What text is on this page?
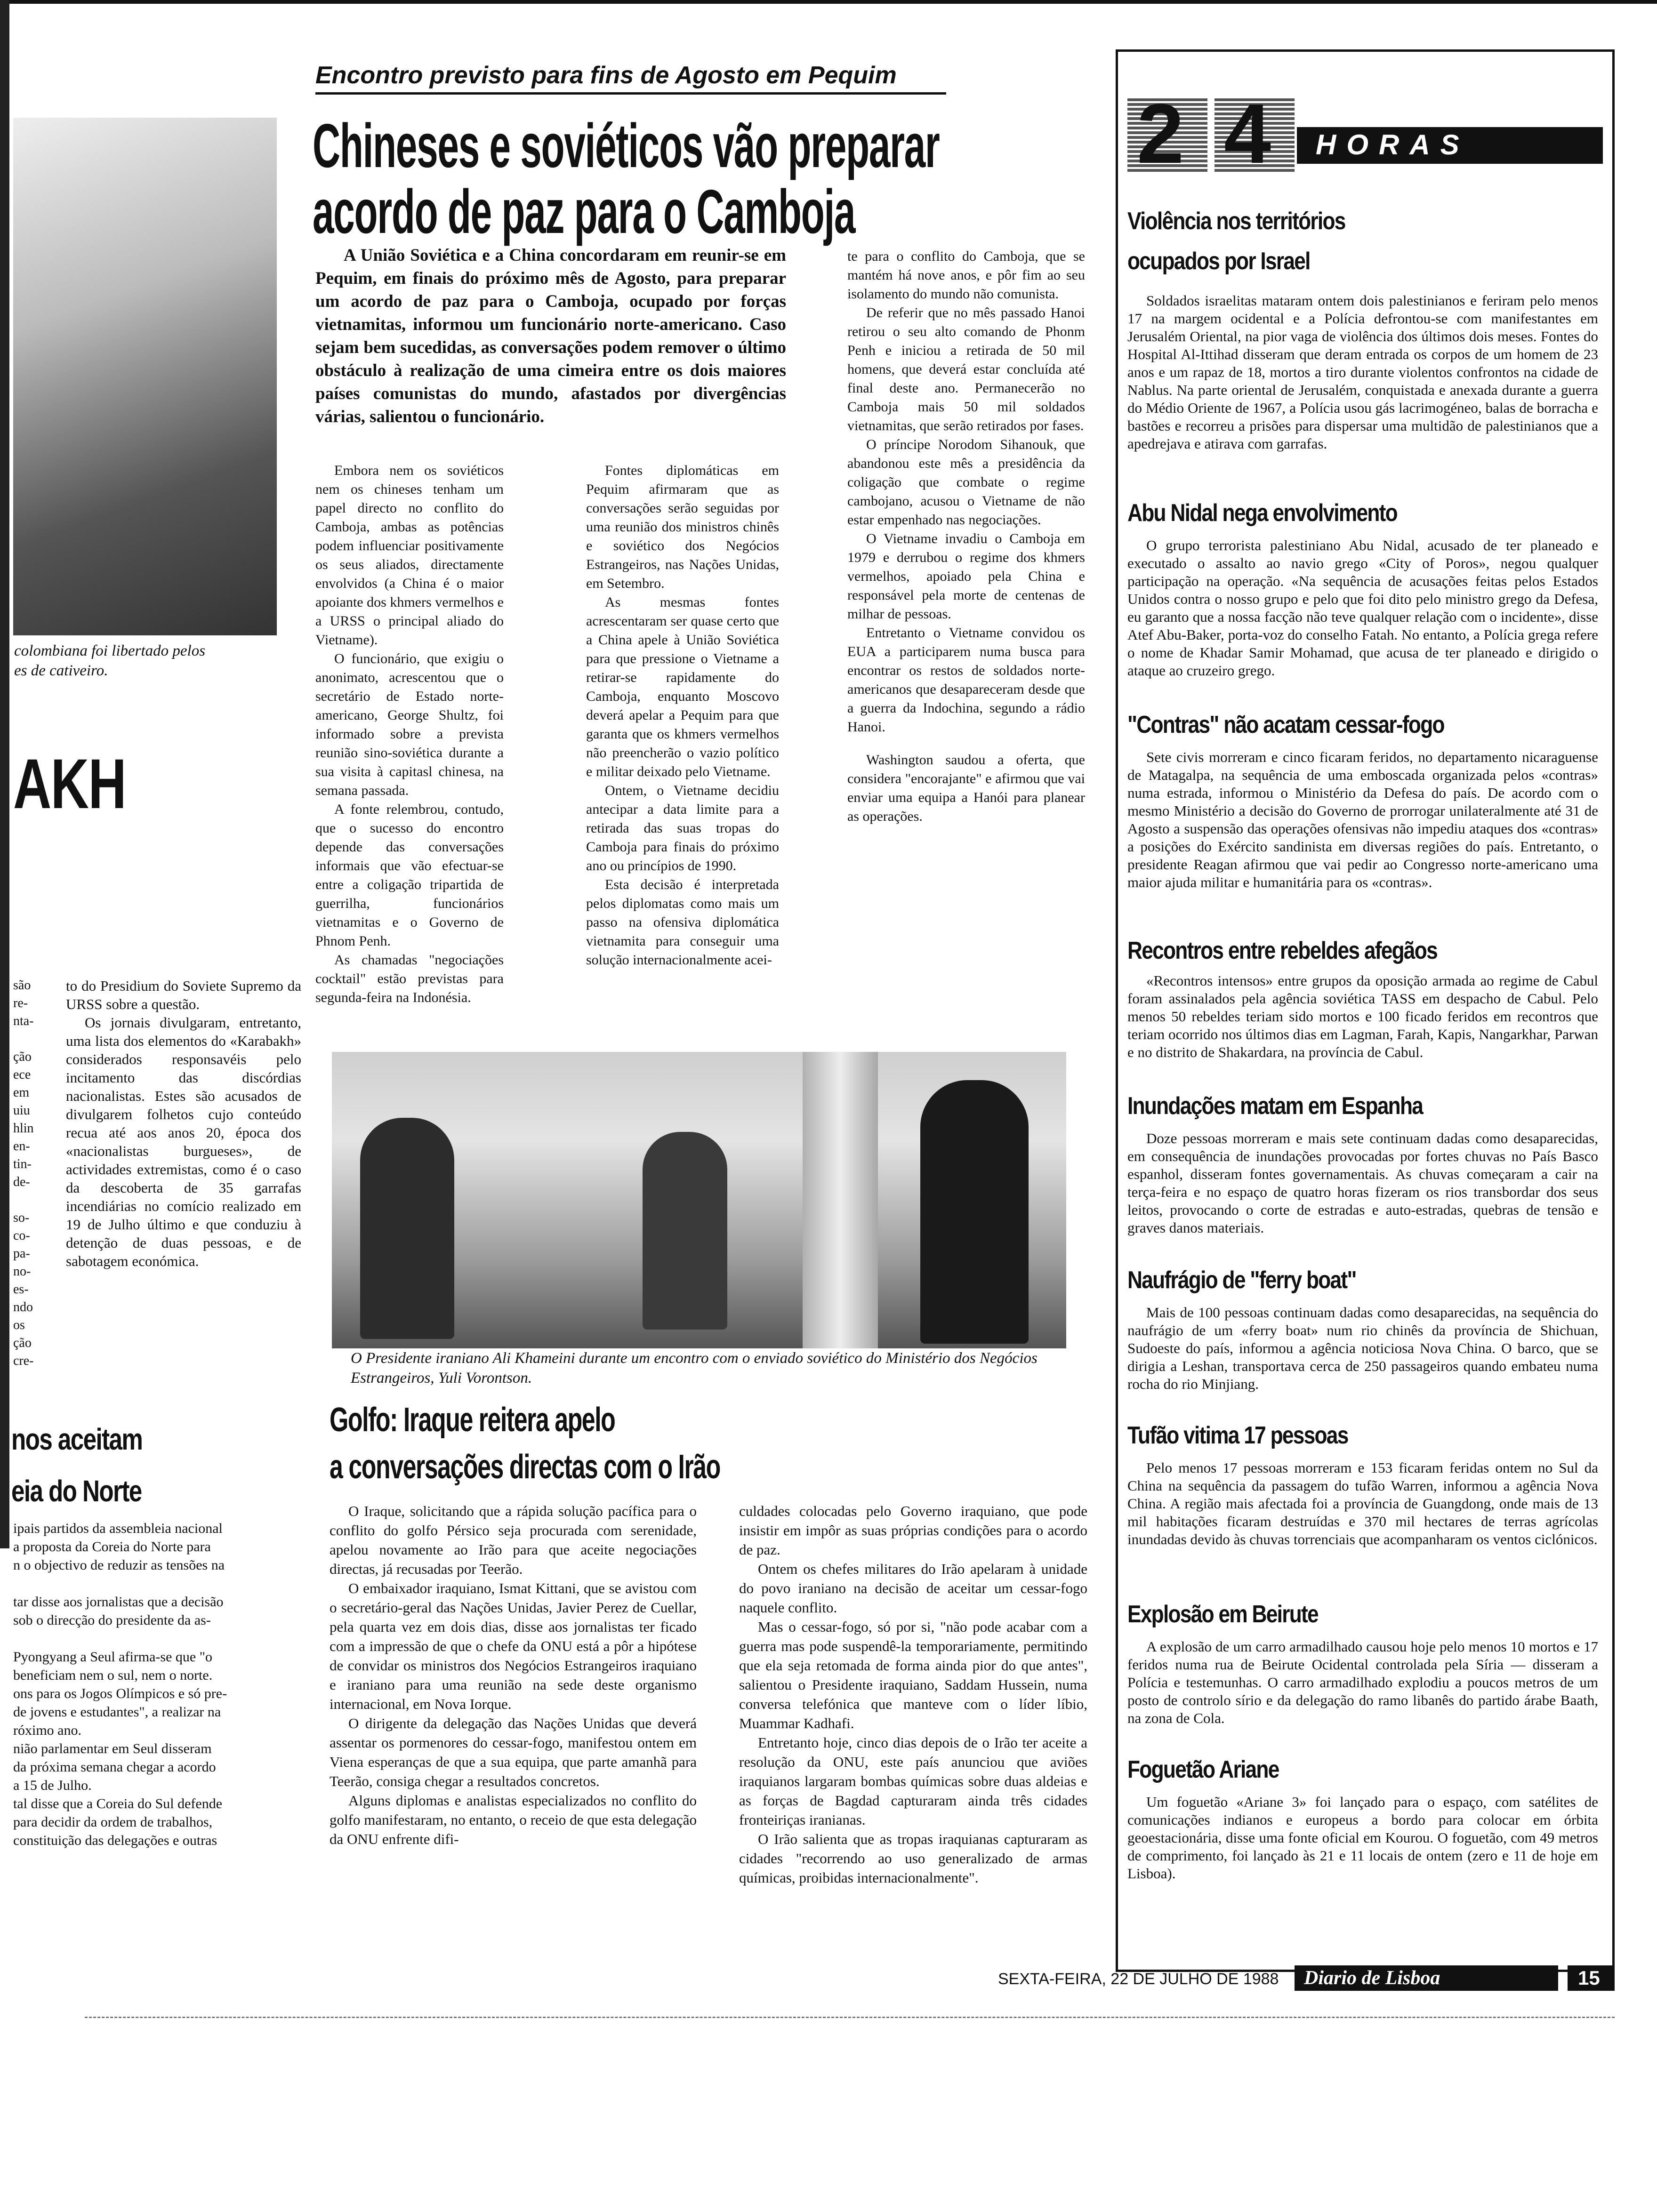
colombiana foi libertado pelos
es de cativeiro.
AKH
são
re-
nta-
ção
ece
em
uiu
hlin
en-
tin-
de-
so-
co-
pa-
no-
es-
ndo
os
ção
cre-

to do Presidium do Soviete Supremo da URSS sobre a questão.

Os jornais divulgaram, entretanto, uma lista dos elementos do «Karabakh» considerados responsavéis pelo incitamento das discórdias nacionalistas. Estes são acusados de divulgarem folhetos cujo conteúdo recua até aos anos 20, época dos «nacionalistas burgueses», de actividades extremistas, como é o caso da descoberta de 35 garrafas incendiárias no comício realizado em 19 de Julho último e que conduziu à detenção de duas pessoas, e de sabotagem económica.

nos aceitam
eia do Norte
ipais partidos da assembleia nacional
a proposta da Coreia do Norte para
n o objectivo de reduzir as tensões na
tar disse aos jornalistas que a decisão
sob o direcção do presidente da as-
Pyongyang a Seul afirma-se que "o
beneficiam nem o sul, nem o norte.
ons para os Jogos Olímpicos e só pre-
de jovens e estudantes", a realizar na
róximo ano.
nião parlamentar em Seul disseram
da próxima semana chegar a acordo
a 15 de Julho.
tal disse que a Coreia do Sul defende
para decidir da ordem de trabalhos,
constituição das delegações e outras
Encontro previsto para fins de Agosto em Pequim
Chineses e soviéticos vão preparar
acordo de paz para o Camboja

A União Soviética e a China concordaram em reunir-se em Pequim, em finais do próximo mês de Agosto, para preparar um acordo de paz para o Camboja, ocupado por forças vietnamitas, informou um funcionário norte-americano. Caso sejam bem sucedidas, as conversações podem remover o último obstáculo à realização de uma cimeira entre os dois maiores países comunistas do mundo, afastados por divergências várias, salientou o funcionário.

Embora nem os soviéticos nem os chineses tenham um papel directo no conflito do Camboja, ambas as potências podem influenciar positivamente os seus aliados, directamente envolvidos (a China é o maior apoiante dos khmers vermelhos e a URSS o principal aliado do Vietname).

O funcionário, que exigiu o anonimato, acrescentou que o secretário de Estado norte-americano, George Shultz, foi informado sobre a prevista reunião sino-soviética durante a sua visita à capitasl chinesa, na semana passada.

A fonte relembrou, contudo, que o sucesso do encontro depende das conversações informais que vão efectuar-se entre a coligação tripartida de guerrilha, funcionários vietnamitas e o Governo de Phnom Penh.

As chamadas "negociações cocktail" estão previstas para segunda-feira na Indonésia.

Fontes diplomáticas em Pequim afirmaram que as conversações serão seguidas por uma reunião dos ministros chinês e soviético dos Negócios Estrangeiros, nas Nações Unidas, em Setembro.

As mesmas fontes acrescentaram ser quase certo que a China apele à União Soviética para que pressione o Vietname a retirar-se rapidamente do Camboja, enquanto Moscovo deverá apelar a Pequim para que garanta que os khmers vermelhos não preencherão o vazio político e militar deixado pelo Vietname.

Ontem, o Vietname decidiu antecipar a data limite para a retirada das suas tropas do Camboja para finais do próximo ano ou princípios de 1990.

Esta decisão é interpretada pelos diplomatas como mais um passo na ofensiva diplomática vietnamita para conseguir uma solução internacionalmente acei-

te para o conflito do Camboja, que se mantém há nove anos, e pôr fim ao seu isolamento do mundo não comunista.

De referir que no mês passado Hanoi retirou o seu alto comando de Phonm Penh e iniciou a retirada de 50 mil homens, que deverá estar concluída até final deste ano. Permanecerão no Camboja mais 50 mil soldados vietnamitas, que serão retirados por fases.

O príncipe Norodom Sihanouk, que abandonou este mês a presidência da coligação que combate o regime cambojano, acusou o Vietname de não estar empenhado nas negociações.

O Vietname invadiu o Camboja em 1979 e derrubou o regime dos khmers vermelhos, apoiado pela China e responsável pela morte de centenas de milhar de pessoas.

Entretanto o Vietname convidou os EUA a participarem numa busca para encontrar os restos de soldados norte-americanos que desapareceram desde que a guerra da Indochina, segundo a rádio Hanoi.

Washington saudou a oferta, que considera "encorajante" e afirmou que vai enviar uma equipa a Hanói para planear as operações.

O Presidente iraniano Ali Khameini durante um encontro com o enviado soviético do Ministério dos Negócios Estrangeiros, Yuli Vorontson.
Golfo: Iraque reitera apelo
a conversações directas com o Irão

O Iraque, solicitando que a rápida solução pacífica para o conflito do golfo Pérsico seja procurada com serenidade, apelou novamente ao Irão para que aceite negociações directas, já recusadas por Teerão.

O embaixador iraquiano, Ismat Kittani, que se avistou com o secretário-geral das Nações Unidas, Javier Perez de Cuellar, pela quarta vez em dois dias, disse aos jornalistas ter ficado com a impressão de que o chefe da ONU está a pôr a hipótese de convidar os ministros dos Negócios Estrangeiros iraquiano e iraniano para uma reunião na sede deste organismo internacional, em Nova Iorque.

O dirigente da delegação das Nações Unidas que deverá assentar os pormenores do cessar-fogo, manifestou ontem em Viena esperanças de que a sua equipa, que parte amanhã para Teerão, consiga chegar a resultados concretos.

Alguns diplomas e analistas especializados no conflito do golfo manifestaram, no entanto, o receio de que esta delegação da ONU enfrente difi-

culdades colocadas pelo Governo iraquiano, que pode insistir em impôr as suas próprias condições para o acordo de paz.

Ontem os chefes militares do Irão apelaram à unidade do povo iraniano na decisão de aceitar um cessar-fogo naquele conflito.

Mas o cessar-fogo, só por si, "não pode acabar com a guerra mas pode suspendê-la temporariamente, permitindo que ela seja retomada de forma ainda pior do que antes", salientou o Presidente iraquiano, Saddam Hussein, numa conversa telefónica que manteve com o líder líbio, Muammar Kadhafi.

Entretanto hoje, cinco dias depois de o Irão ter aceite a resolução da ONU, este país anunciou que aviões iraquianos largaram bombas químicas sobre duas aldeias e as forças de Bagdad capturaram ainda três cidades fronteiriças iranianas.

O Irão salienta que as tropas iraquianas capturaram as cidades "recorrendo ao uso generalizado de armas químicas, proibidas internacionalmente".

2 4 HORAS
Violência nos territórios
ocupados por Israel

Soldados israelitas mataram ontem dois palestinianos e feriram pelo menos 17 na margem ocidental e a Polícia defrontou-se com manifestantes em Jerusalém Oriental, na pior vaga de violência dos últimos dois meses. Fontes do Hospital Al-Ittihad disseram que deram entrada os corpos de um homem de 23 anos e um rapaz de 18, mortos a tiro durante violentos confrontos na cidade de Nablus. Na parte oriental de Jerusalém, conquistada e anexada durante a guerra do Médio Oriente de 1967, a Polícia usou gás lacrimogéneo, balas de borracha e bastões e recorreu a prisões para dispersar uma multidão de palestinianos que a apedrejava e atirava com garrafas.

Abu Nidal nega envolvimento

O grupo terrorista palestiniano Abu Nidal, acusado de ter planeado e executado o assalto ao navio grego «City of Poros», negou qualquer participação na operação. «Na sequência de acusações feitas pelos Estados Unidos contra o nosso grupo e pelo que foi dito pelo ministro grego da Defesa, eu garanto que a nossa facção não teve qualquer relação com o incidente», disse Atef Abu-Baker, porta-voz do conselho Fatah. No entanto, a Polícia grega refere o nome de Khadar Samir Mohamad, que acusa de ter planeado e dirigido o ataque ao cruzeiro grego.

"Contras" não acatam cessar-fogo

Sete civis morreram e cinco ficaram feridos, no departamento nicaraguense de Matagalpa, na sequência de uma emboscada organizada pelos «contras» numa estrada, informou o Ministério da Defesa do país. De acordo com o mesmo Ministério a decisão do Governo de prorrogar unilateralmente até 31 de Agosto a suspensão das operações ofensivas não impediu ataques dos «contras» a posições do Exército sandinista em diversas regiões do país. Entretanto, o presidente Reagan afirmou que vai pedir ao Congresso norte-americano uma maior ajuda militar e humanitária para os «contras».

Recontros entre rebeldes afegãos

«Recontros intensos» entre grupos da oposição armada ao regime de Cabul foram assinalados pela agência soviética TASS em despacho de Cabul. Pelo menos 50 rebeldes teriam sido mortos e 100 ficado feridos em recontros que teriam ocorrido nos últimos dias em Lagman, Farah, Kapis, Nangarkhar, Parwan e no distrito de Shakardara, na província de Cabul.

Inundações matam em Espanha

Doze pessoas morreram e mais sete continuam dadas como desaparecidas, em consequência de inundações provocadas por fortes chuvas no País Basco espanhol, disseram fontes governamentais. As chuvas começaram a cair na terça-feira e no espaço de quatro horas fizeram os rios transbordar dos seus leitos, provocando o corte de estradas e auto-estradas, quebras de tensão e graves danos materiais.

Naufrágio de "ferry boat"

Mais de 100 pessoas continuam dadas como desaparecidas, na sequência do naufrágio de um «ferry boat» num rio chinês da província de Shichuan, Sudoeste do país, informou a agência noticiosa Nova China. O barco, que se dirigia a Leshan, transportava cerca de 250 passageiros quando embateu numa rocha do rio Minjiang.

Tufão vitima 17 pessoas

Pelo menos 17 pessoas morreram e 153 ficaram feridas ontem no Sul da China na sequência da passagem do tufão Warren, informou a agência Nova China. A região mais afectada foi a província de Guangdong, onde mais de 13 mil habitações ficaram destruídas e 370 mil hectares de terras agrícolas inundadas devido às chuvas torrenciais que acompanharam os ventos ciclónicos.

Explosão em Beirute

A explosão de um carro armadilhado causou hoje pelo menos 10 mortos e 17 feridos numa rua de Beirute Ocidental controlada pela Síria — disseram a Polícia e testemunhas. O carro armadilhado explodiu a poucos metros de um posto de controlo sírio e da delegação do ramo libanês do partido árabe Baath, na zona de Cola.

Foguetão Ariane

Um foguetão «Ariane 3» foi lançado para o espaço, com satélites de comunicações indianos e europeus a bordo para colocar em órbita geoestacionária, disse uma fonte oficial em Kourou. O foguetão, com 49 metros de comprimento, foi lançado às 21 e 11 locais de ontem (zero e 11 de hoje em Lisboa).

SEXTA-FEIRA, 22 DE JULHO DE 1988 Diario de Lisboa	15
